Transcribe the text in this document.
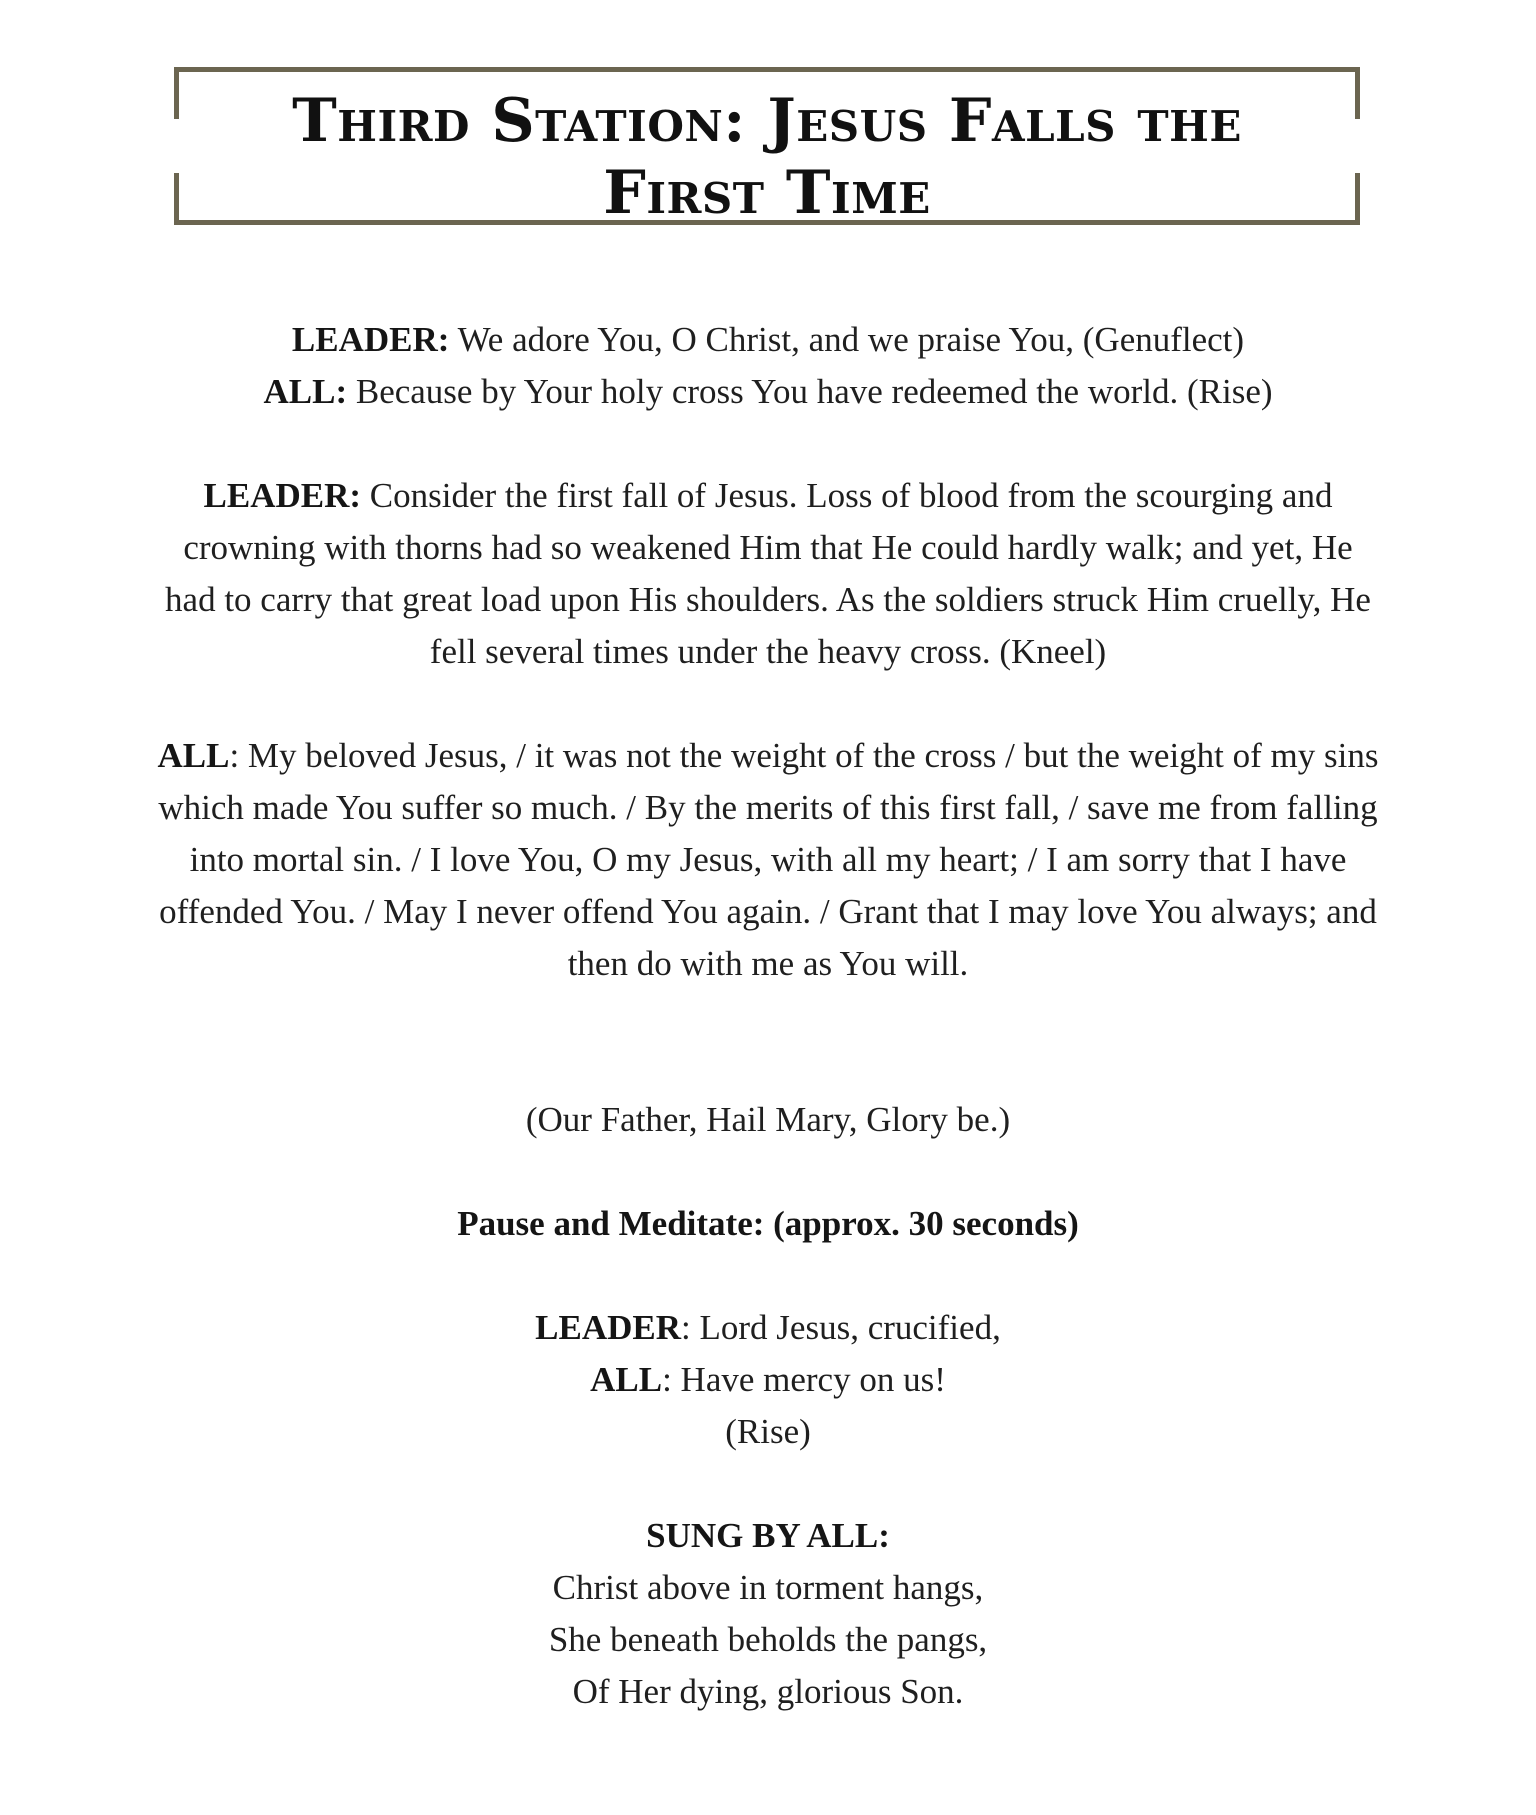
Third Station: Jesus Falls the
First Time

LEADER: We adore You, O Christ, and we praise You, (Genuflect)

ALL: Because by Your holy cross You have redeemed the world. (Rise)

LEADER: Consider the first fall of Jesus. Loss of blood from the scourging and
crowning with thorns had so weakened Him that He could hardly walk; and yet, He
had to carry that great load upon His shoulders. As the soldiers struck Him cruelly, He
fell several times under the heavy cross. (Kneel)

ALL: My beloved Jesus, / it was not the weight of the cross / but the weight of my sins
which made You suffer so much. / By the merits of this first fall, / save me from falling
into mortal sin. / I love You, O my Jesus, with all my heart; / I am sorry that I have
offended You. / May I never offend You again. / Grant that I may love You always; and
then do with me as You will.

(Our Father, Hail Mary, Glory be.)

Pause and Meditate: (approx. 30 seconds)

LEADER: Lord Jesus, crucified,

ALL: Have mercy on us!

(Rise)

SUNG BY ALL:

Christ above in torment hangs,
She beneath beholds the pangs,
Of Her dying, glorious Son.
